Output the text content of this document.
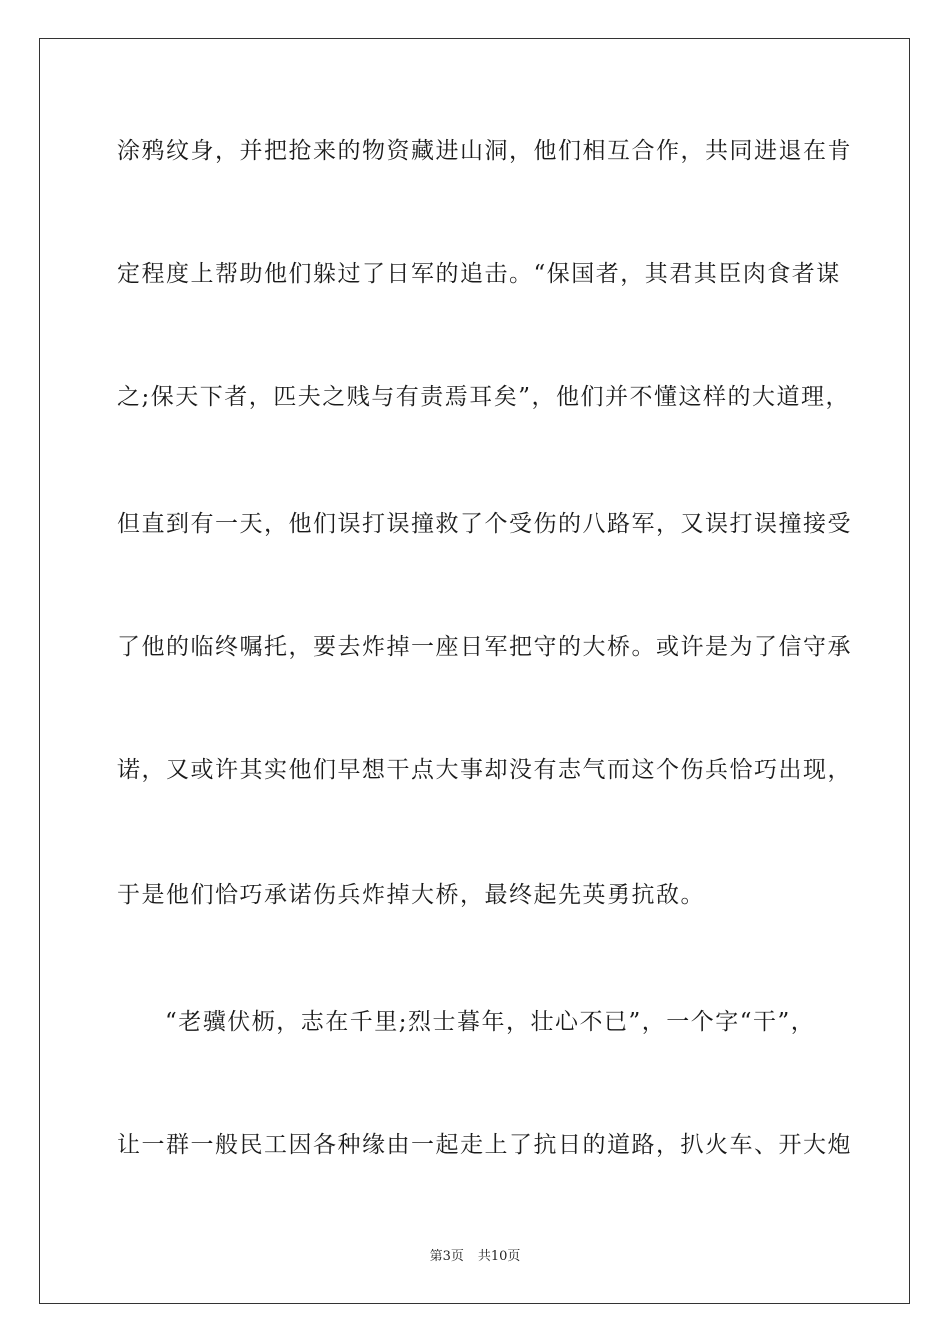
涂鸦纹身，并把抢来的物资藏进山洞，他们相互合作，共同进退在肯
定程度上帮助他们躲过了日军的追击。“保国者，其君其臣肉食者谋
之;保天下者，匹夫之贱与有责焉耳矣”，他们并不懂这样的大道理，
但直到有一天，他们误打误撞救了个受伤的八路军，又误打误撞接受
了他的临终嘱托，要去炸掉一座日军把守的大桥。或许是为了信守承
诺，又或许其实他们早想干点大事却没有志气而这个伤兵恰巧出现，
于是他们恰巧承诺伤兵炸掉大桥，最终起先英勇抗敌。
“老骥伏枥，志在千里;烈士暮年，壮心不已”，一个字“干”，
让一群一般民工因各种缘由一起走上了抗日的道路，扒火车、开大炮
第3页 共10页
